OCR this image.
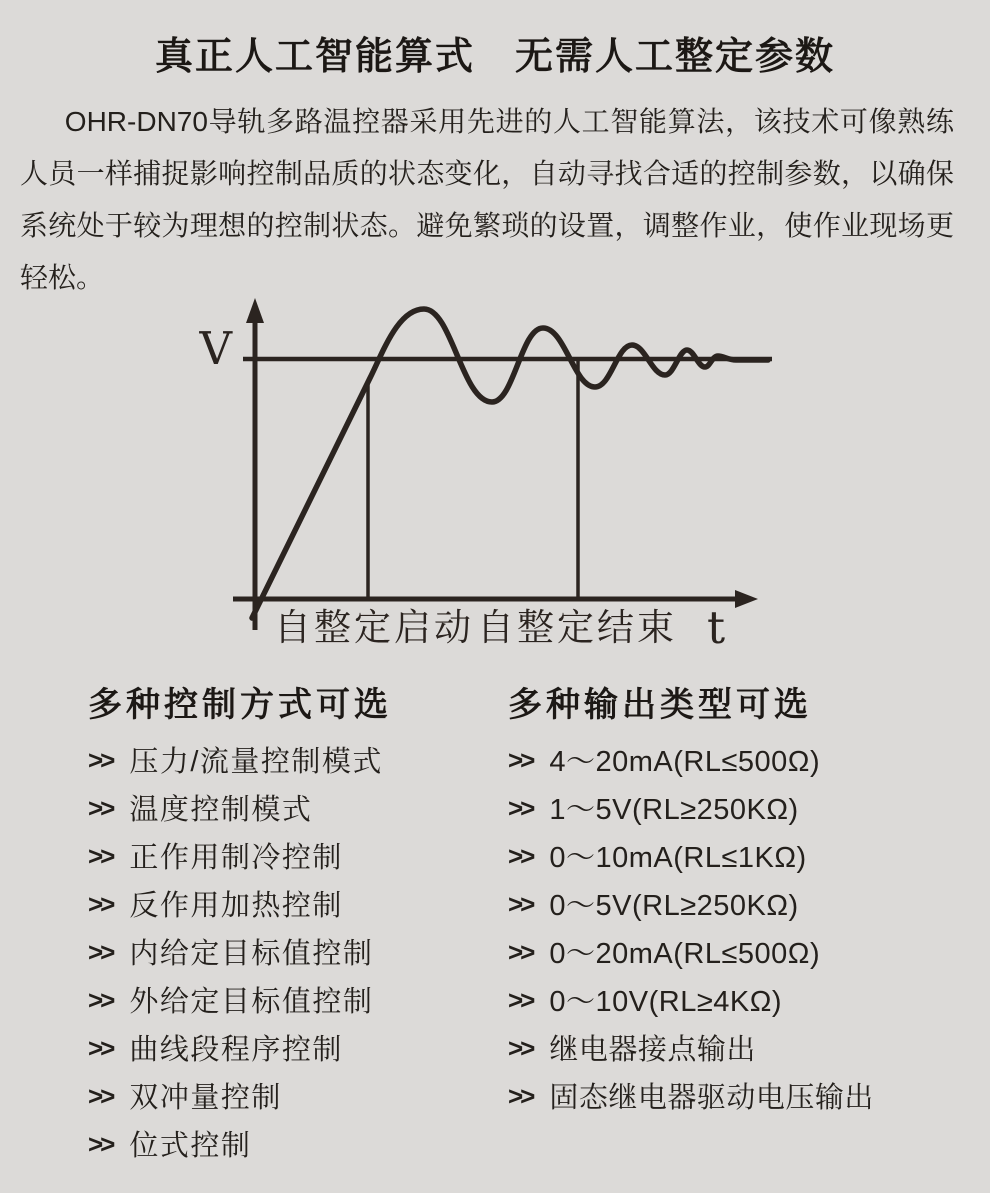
真正人工智能算式　无需人工整定参数

OHR-DN70导轨多路温控器采用先进的人工智能算法，该技术可像熟练人员一样捕捉影响控制品质的状态变化，自动寻找合适的控制参数，以确保系统处于较为理想的控制状态。避免繁琐的设置，调整作业，使作业现场更轻松。

V
t
自整定启动 自整定结束
多种控制方式可选
>> 压力/流量控制模式
>> 温度控制模式
>> 正作用制冷控制
>> 反作用加热控制
>> 内给定目标值控制
>> 外给定目标值控制
>> 曲线段程序控制
>> 双冲量控制
>> 位式控制
多种输出类型可选
>> 4～20mA(RL≤500Ω)
>> 1～5V(RL≥250KΩ)
>> 0～10mA(RL≤1KΩ)
>> 0～5V(RL≥250KΩ)
>> 0～20mA(RL≤500Ω)
>> 0～10V(RL≥4KΩ)
>> 继电器接点输出
>> 固态继电器驱动电压输出
